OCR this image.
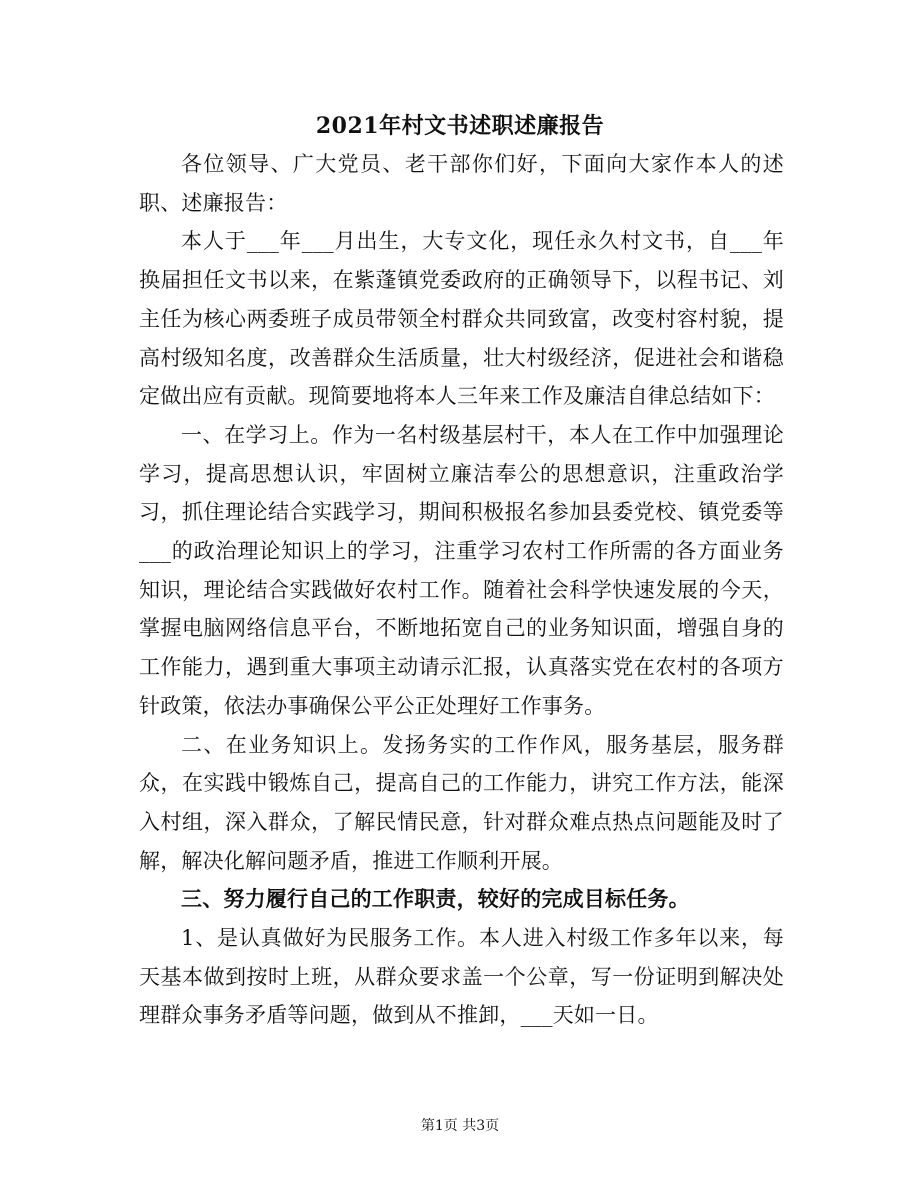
2021年村文书述职述廉报告

各位领导、广大党员、老干部你们好，下面向大家作本人的述职、述廉报告：

本人于___年___月出生，大专文化，现任永久村文书，自___年换届担任文书以来，在紫蓬镇党委政府的正确领导下，以程书记、刘主任为核心两委班子成员带领全村群众共同致富，改变村容村貌，提高村级知名度，改善群众生活质量，壮大村级经济，促进社会和谐稳定做出应有贡献。现简要地将本人三年来工作及廉洁自律总结如下：

一、在学习上。作为一名村级基层村干，本人在工作中加强理论学习，提高思想认识，牢固树立廉洁奉公的思想意识，注重政治学习，抓住理论结合实践学习，期间积极报名参加县委党校、镇党委等___的政治理论知识上的学习，注重学习农村工作所需的各方面业务知识，理论结合实践做好农村工作。随着社会科学快速发展的今天，掌握电脑网络信息平台，不断地拓宽自己的业务知识面，增强自身的工作能力，遇到重大事项主动请示汇报，认真落实党在农村的各项方针政策，依法办事确保公平公正处理好工作事务。

二、在业务知识上。发扬务实的工作作风，服务基层，服务群众，在实践中锻炼自己，提高自己的工作能力，讲究工作方法，能深入村组，深入群众，了解民情民意，针对群众难点热点问题能及时了解，解决化解问题矛盾，推进工作顺利开展。

三、努力履行自己的工作职责，较好的完成目标任务。

1、是认真做好为民服务工作。本人进入村级工作多年以来，每天基本做到按时上班，从群众要求盖一个公章，写一份证明到解决处理群众事务矛盾等问题，做到从不推卸，___天如一日。

第1页 共3页
